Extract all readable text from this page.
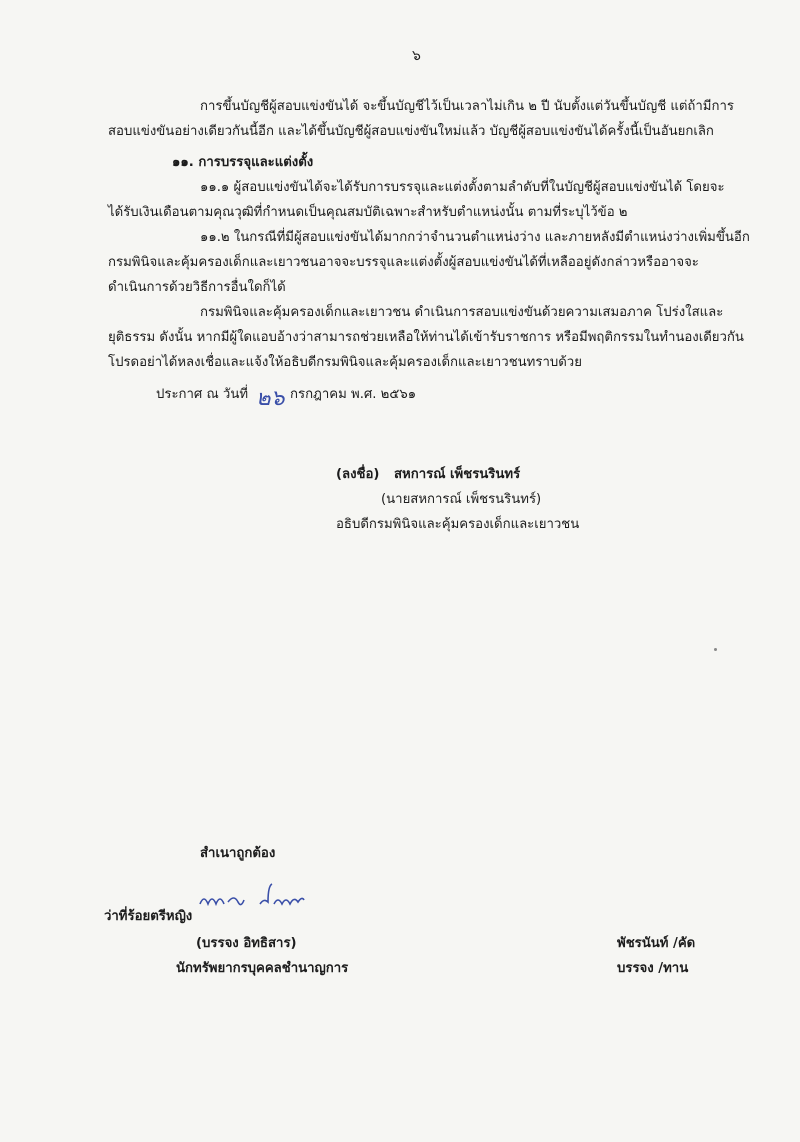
๖
การขึ้นบัญชีผู้สอบแข่งขันได้ จะขึ้นบัญชีไว้เป็นเวลาไม่เกิน ๒ ปี นับตั้งแต่วันขึ้นบัญชี แต่ถ้ามีการ
สอบแข่งขันอย่างเดียวกันนี้อีก และได้ขึ้นบัญชีผู้สอบแข่งขันใหม่แล้ว บัญชีผู้สอบแข่งขันได้ครั้งนี้เป็นอันยกเลิก
๑๑. การบรรจุและแต่งตั้ง
๑๑.๑ ผู้สอบแข่งขันได้จะได้รับการบรรจุและแต่งตั้งตามลำดับที่ในบัญชีผู้สอบแข่งขันได้ โดยจะ
ได้รับเงินเดือนตามคุณวุฒิที่กำหนดเป็นคุณสมบัติเฉพาะสำหรับตำแหน่งนั้น ตามที่ระบุไว้ข้อ ๒
๑๑.๒ ในกรณีที่มีผู้สอบแข่งขันได้มากกว่าจำนวนตำแหน่งว่าง และภายหลังมีตำแหน่งว่างเพิ่มขึ้นอีก
กรมพินิจและคุ้มครองเด็กและเยาวชนอาจจะบรรจุและแต่งตั้งผู้สอบแข่งขันได้ที่เหลืออยู่ดังกล่าวหรืออาจจะ
ดำเนินการด้วยวิธีการอื่นใดก็ได้
กรมพินิจและคุ้มครองเด็กและเยาวชน ดำเนินการสอบแข่งขันด้วยความเสมอภาค โปร่งใสและ
ยุติธรรม ดังนั้น หากมีผู้ใดแอบอ้างว่าสามารถช่วยเหลือให้ท่านได้เข้ารับราชการ หรือมีพฤติกรรมในทำนองเดียวกัน
โปรดอย่าได้หลงเชื่อและแจ้งให้อธิบดีกรมพินิจและคุ้มครองเด็กและเยาวชนทราบด้วย
ประกาศ ณ วันที่ ๒๖ กรกฎาคม พ.ศ. ๒๕๖๑
(ลงชื่อ) สหการณ์ เพ็ชรนรินทร์
(นายสหการณ์ เพ็ชรนรินทร์)
อธิบดีกรมพินิจและคุ้มครองเด็กและเยาวชน
สำเนาถูกต้อง
ว่าที่ร้อยตรีหญิง
(บรรจง อิทธิสาร)
นักทรัพยากรบุคคลชำนาญการ
พัชรนันท์ /คัด
บรรจง /ทาน
